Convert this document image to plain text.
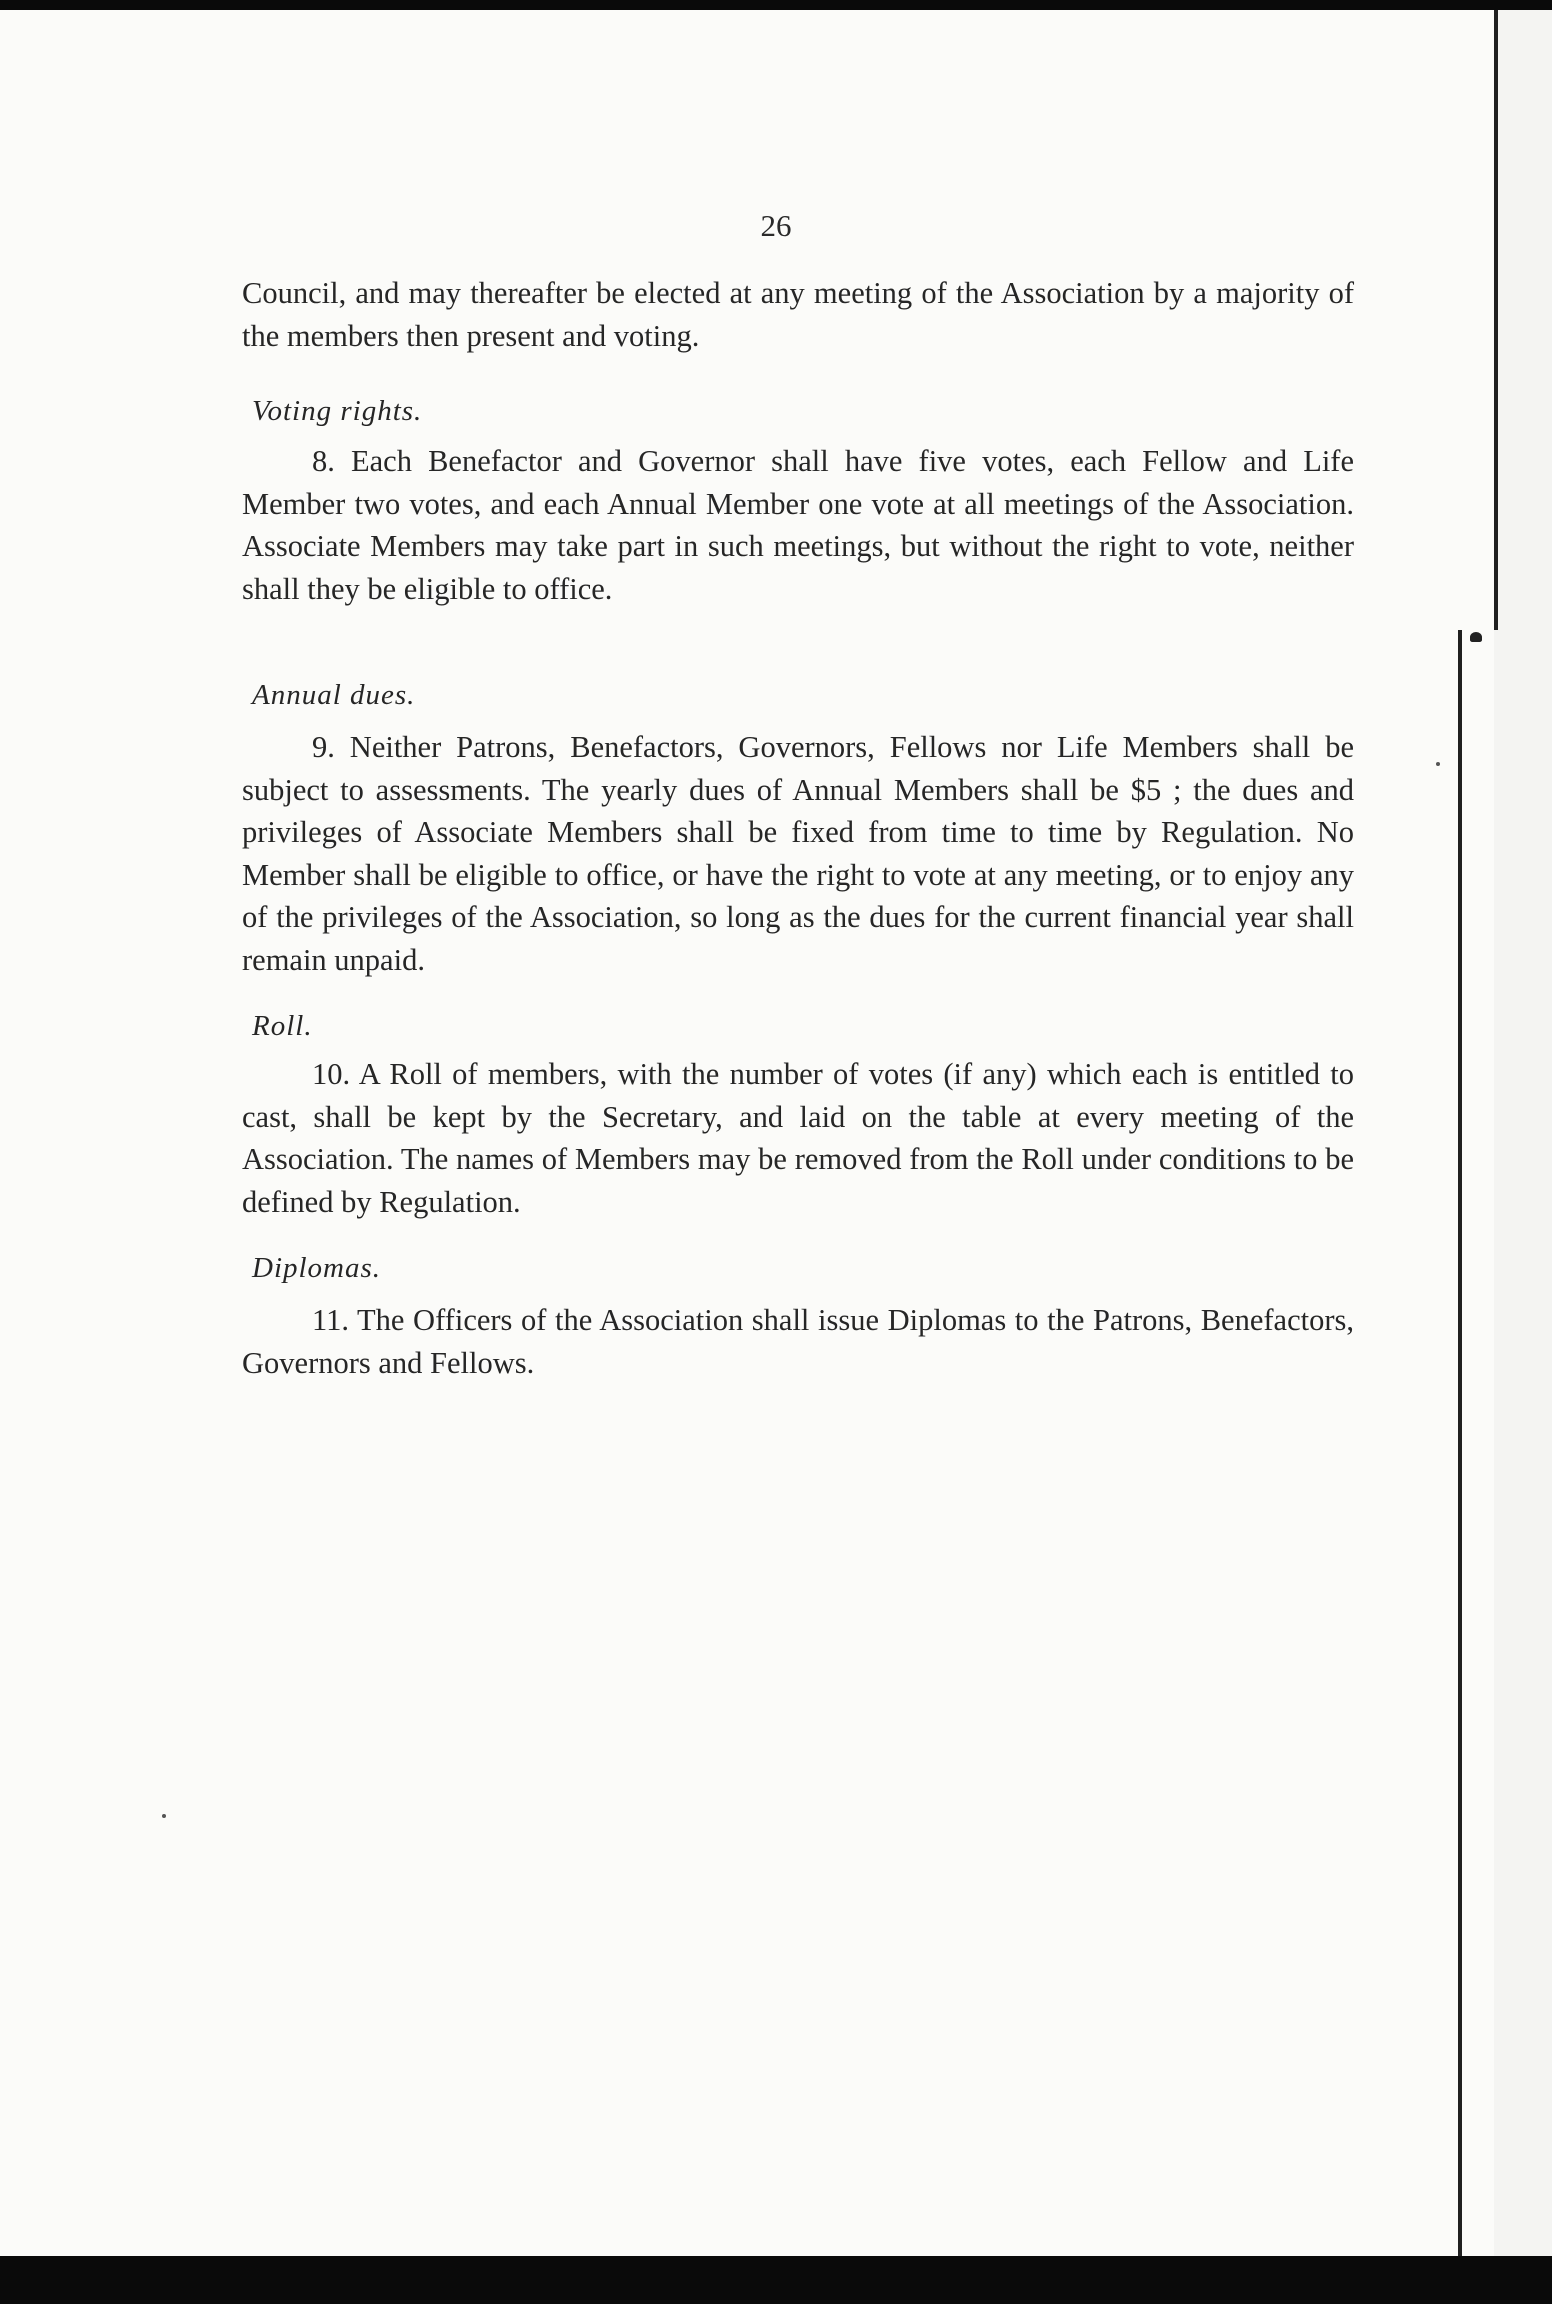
26

Council, and may thereafter be elected at any meeting of the Association by a majority of the members then present and voting.

Voting rights.

8. Each Benefactor and Governor shall have five votes, each Fellow and Life Member two votes, and each Annual Member one vote at all meetings of the Association. Associate Members may take part in such meetings, but without the right to vote, neither shall they be eligible to office.

Annual dues.

9. Neither Patrons, Benefactors, Governors, Fellows nor Life Members shall be subject to assessments. The yearly dues of Annual Members shall be $5 ; the dues and privileges of Associate Members shall be fixed from time to time by Regulation. No Member shall be eligible to office, or have the right to vote at any meeting, or to enjoy any of the privileges of the Association, so long as the dues for the current financial year shall remain unpaid.

Roll.

10. A Roll of members, with the number of votes (if any) which each is entitled to cast, shall be kept by the Secretary, and laid on the table at every meeting of the Association. The names of Members may be removed from the Roll under conditions to be defined by Regulation.

Diplomas.

11. The Officers of the Association shall issue Diplomas to the Patrons, Benefactors, Governors and Fellows.
